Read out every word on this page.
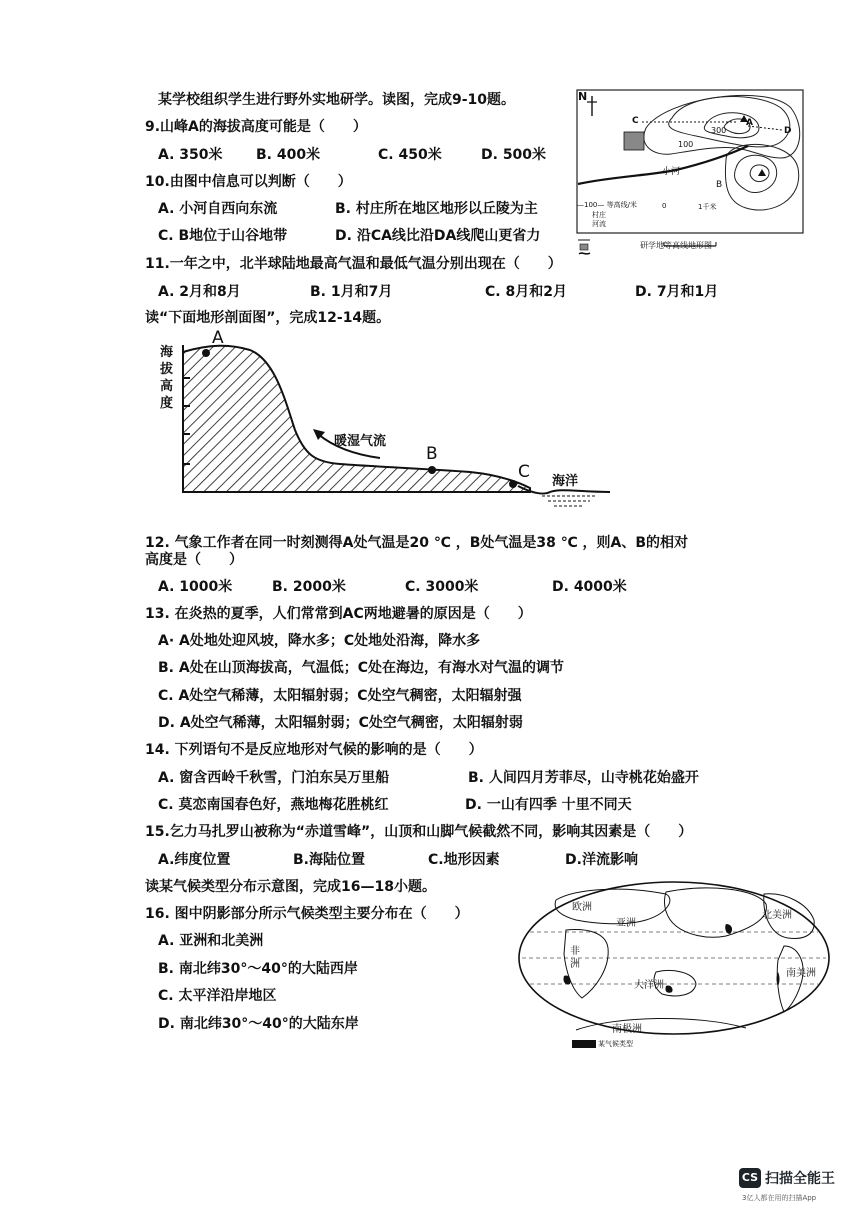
某学校组织学生进行野外实地研学。读图，完成9-10题。
9.山峰A的海拔高度可能是（　　）
A. 350米 B. 400米	C. 450米	D. 500米
10.由图中信息可以判断（　　）
A. 小河自西向东流	B. 村庄所在地区地形以丘陵为主
C. B地位于山谷地带	D. 沿CA线比沿DA线爬山更省力
N
C	A
D
B
300
100
小河
—100— 等高线/米
村庄
河流
0	1千米
研学地等高线地形图
11.一年之中，北半球陆地最高气温和最低气温分别出现在（　　）
A. 2月和8月	B. 1月和7月	C. 8月和2月	D. 7月和1月
读“下面地形剖面图”，完成12-14题。
海
拔
高
度
A
B
C
暖湿气流
海洋
12. 气象工作者在同一时刻测得A处气温是20 ℃ ，B处气温是38 ℃ ，则A、B的相对
高度是（　　）
A. 1000米	B. 2000米	C. 3000米	D. 4000米
13. 在炎热的夏季，人们常常到AC两地避暑的原因是（　　）
A· A处地处迎风坡，降水多；C处地处沿海，降水多
B. A处在山顶海拔高，气温低；C处在海边，有海水对气温的调节
C. A处空气稀薄，太阳辐射弱；C处空气稠密，太阳辐射强
D. A处空气稀薄，太阳辐射弱；C处空气稠密，太阳辐射弱
14. 下列语句不是反应地形对气候的影响的是（　　）
A. 窗含西岭千秋雪，门泊东吴万里船	B. 人间四月芳菲尽，山寺桃花始盛开
C. 莫恋南国春色好，燕地梅花胜桃红	D. 一山有四季 十里不同天
15.乞力马扎罗山被称为“赤道雪峰”，山顶和山脚气候截然不同，影响其因素是（　　）
A.纬度位置	B.海陆位置	C.地形因素	D.洋流影响
读某气候类型分布示意图，完成16—18小题。
16. 图中阴影部分所示气候类型主要分布在（　　）
A. 亚洲和北美洲
B. 南北纬30°～40°的大陆西岸
C. 太平洋沿岸地区
D. 南北纬30°～40°的大陆东岸
欧洲
亚洲
北美洲
非
洲
南美洲
大洋洲
南极洲
某气候类型
CS 扫描全能王
3亿人都在用的扫描App
